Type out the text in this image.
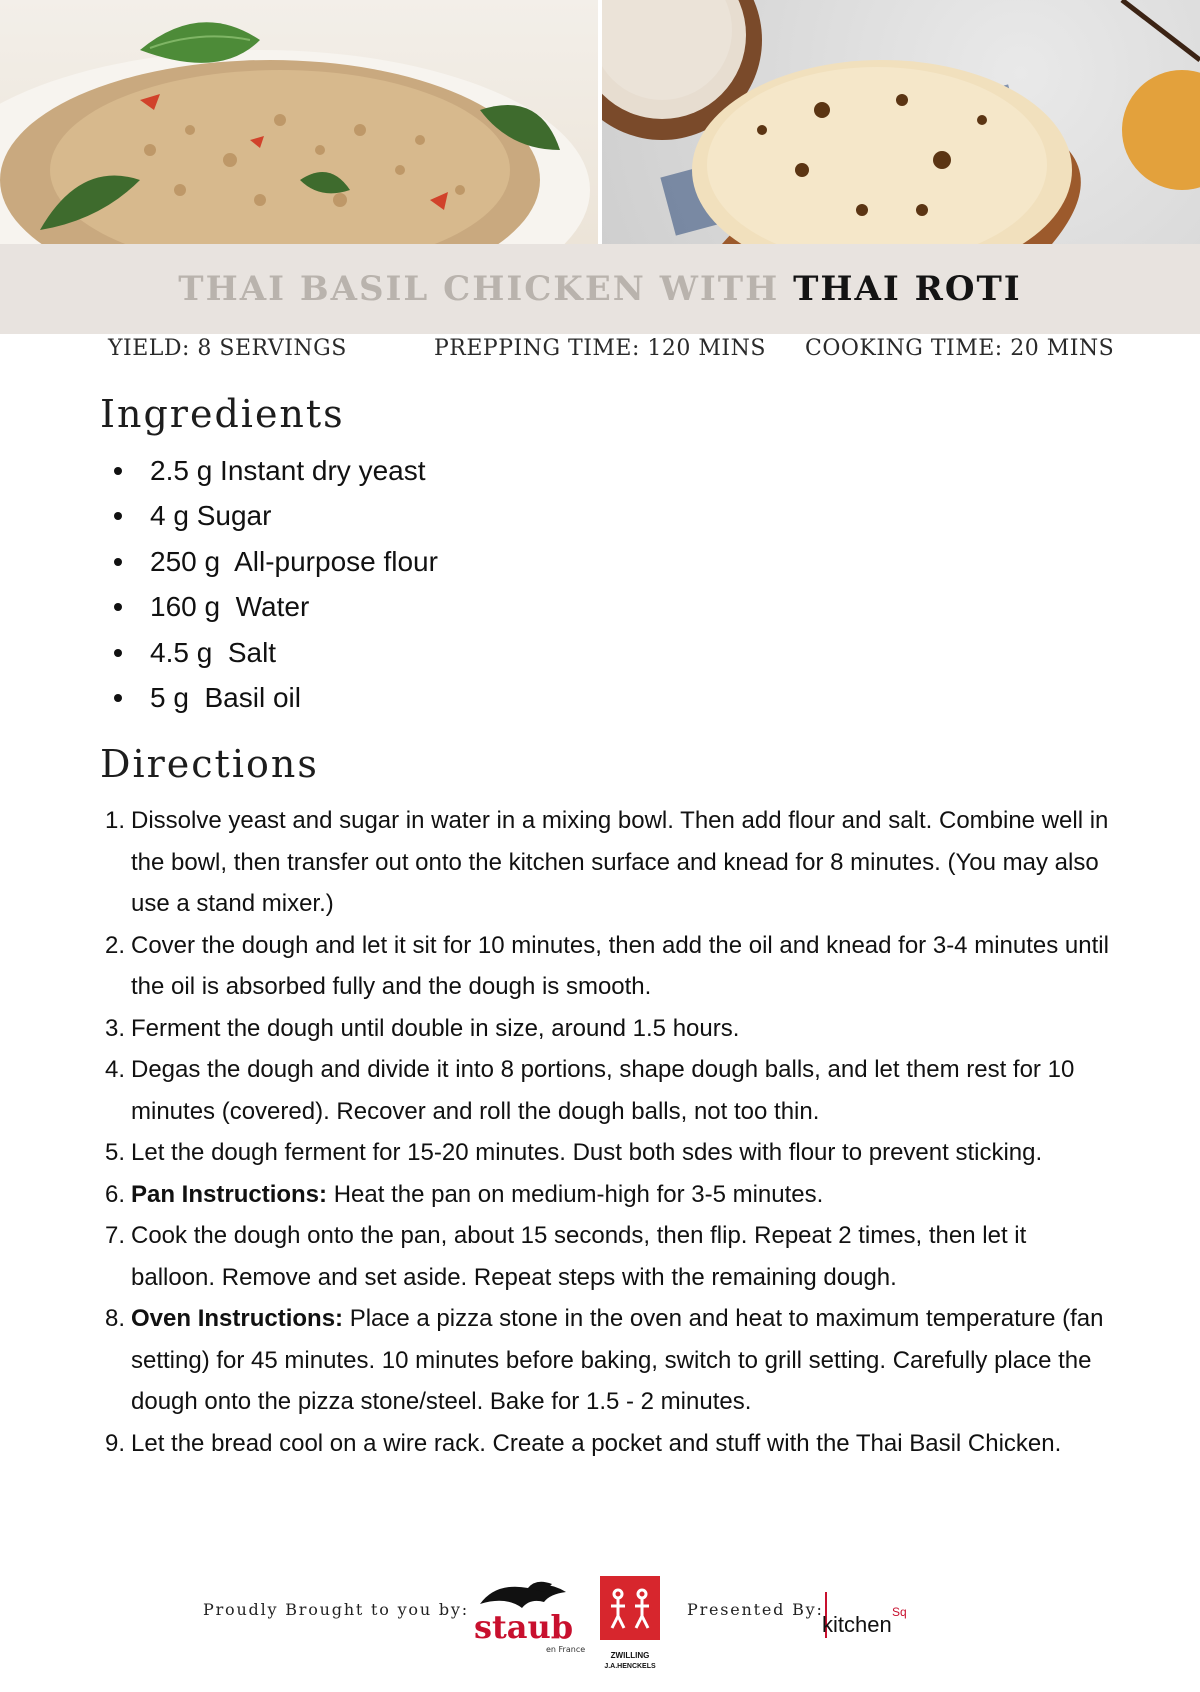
THAI BASIL CHICKEN WITH THAI ROTI
YIELD: 8 SERVINGS	PREPPING TIME: 120 MINS COOKING TIME: 20 MINS
Ingredients
2.5 g Instant dry yeast
4 g Sugar
250 g  All-purpose flour
160 g  Water
4.5 g  Salt
5 g  Basil oil
Directions
1. Dissolve yeast and sugar in water in a mixing bowl. Then add flour and salt. Combine well in the bowl, then transfer out onto the kitchen surface and knead for 8 minutes. (You may also use a stand mixer.)
2. Cover the dough and let it sit for 10 minutes, then add the oil and knead for 3-4 minutes until the oil is absorbed fully and the dough is smooth.
3. Ferment the dough until double in size, around 1.5 hours.
4. Degas the dough and divide it into 8 portions, shape dough balls, and let them rest for 10 minutes (covered). Recover and roll the dough balls, not too thin.
5. Let the dough ferment for 15-20 minutes. Dust both sdes with flour to prevent sticking.
6. Pan Instructions: Heat the pan on medium-high for 3-5 minutes.
7. Cook the dough onto the pan, about 15 seconds, then flip. Repeat 2 times, then let it balloon. Remove and set aside. Repeat steps with the remaining dough.
8. Oven Instructions: Place a pizza stone in the oven and heat to maximum temperature (fan setting) for 45 minutes. 10 minutes before baking, switch to grill setting. Carefully place the dough onto the pizza stone/steel. Bake for 1.5 - 2 minutes.
9. Let the bread cool on a wire rack. Create a pocket and stuff with the Thai Basil Chicken.
Proudly Brought to you by: staub
en France
ZWILLING
J.A.HENCKELS
Presented By:
kitchen Sq
